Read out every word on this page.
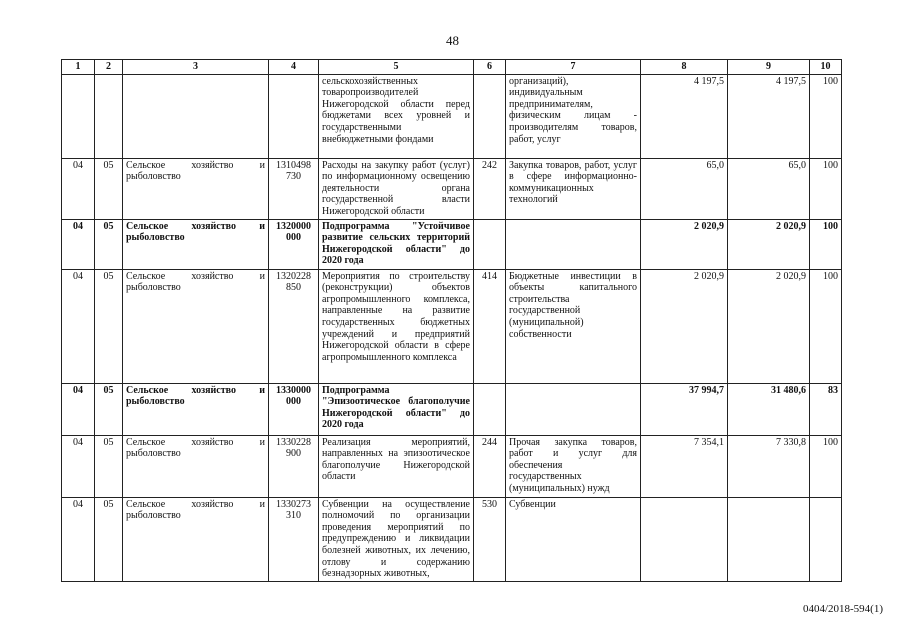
48
1	2	3	4	5	6	7	8	9	10
				сельскохозяйственных товаропроизводителей Нижегородской области перед бюджетами всех уровней и государственными внебюджетными фондами		организаций), индивидуальным предпринимателям, физическим лицам - производителям товаров, работ, услуг	4 197,5	4 197,5	100
04	05	Сельское хозяйство и рыболовство	1310498 730	Расходы на закупку работ (услуг) по информационному освещению деятельности органа государственной власти Нижегородской области	242	Закупка товаров, работ, услуг в сфере информационно-коммуникационных технологий	65,0	65,0	100
04	05	Сельское хозяйство и рыболовство	1320000 000	Подпрограмма "Устойчивое развитие сельских территорий Нижегородской области" до 2020 года			2 020,9	2 020,9	100
04	05	Сельское хозяйство и рыболовство	1320228 850	Мероприятия по строительству (реконструкции) объектов агропромышленного комплекса, направленные на развитие государственных бюджетных учреждений и предприятий Нижегородской области в сфере агропромышленного комплекса	414	Бюджетные инвестиции в объекты капитального строительства государственной (муниципальной) собственности	2 020,9	2 020,9	100
04	05	Сельское хозяйство и рыболовство	1330000 000	Подпрограмма "Эпизоотическое благополучие Нижегородской области" до 2020 года			37 994,7	31 480,6	83
04	05	Сельское хозяйство и рыболовство	1330228 900	Реализация мероприятий, направленных на эпизоотическое благополучие Нижегородской области	244	Прочая закупка товаров, работ и услуг для обеспечения государственных (муниципальных) нужд	7 354,1	7 330,8	100
04	05	Сельское хозяйство и рыболовство	1330273 310	Субвенции на осуществление полномочий по организации проведения мероприятий по предупреждению и ликвидации болезней животных, их лечению, отлову и содержанию безнадзорных животных,	530	Субвенции			
0404/2018-594(1)
